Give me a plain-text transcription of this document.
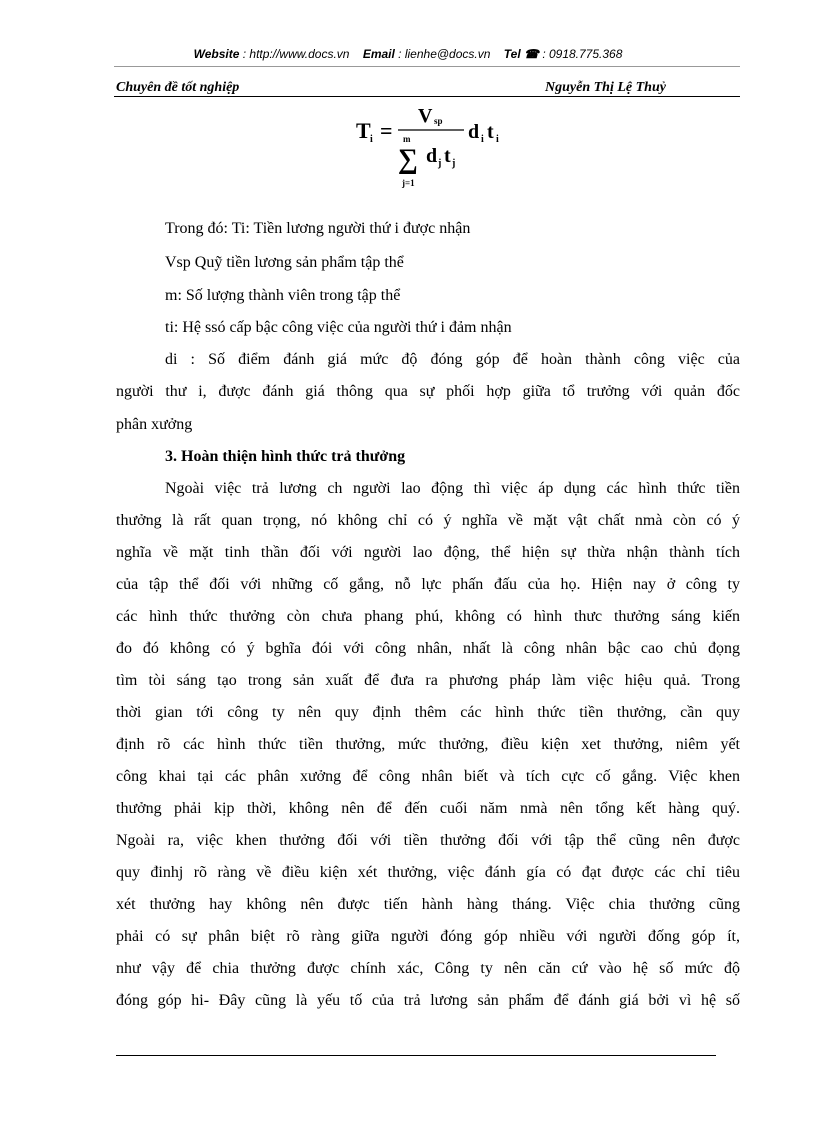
Website : http://www.docs.vn Email : lienhe@docs.vn Tel ☎ : 0918.775.368
Chuyên đề tốt nghiệp	Nguyễn Thị Lệ Thuỷ
T i =
V sp
m
∑
j=1
d j t j
d i t i
Trong đó: Ti: Tiền lương người thứ i được nhận
Vsp Quỹ tiền lương sản phẩm tập thể
m: Số lượng thành viên trong tập thể
ti: Hệ ssó cấp bậc công việc của người thứ i đảm nhận
di : Số điểm đánh giá mức độ đóng góp để hoàn thành công việc của
người thư i, được đánh giá thông qua sự phối hợp giữa tổ trưởng với quản đốc
phân xưởng
3. Hoàn thiện hình thức trả thưởng
Ngoài việc trả lương ch người lao động thì việc áp dụng các hình thức tiền
thưởng là rất quan trọng, nó không chỉ có ý nghĩa về mặt vật chất nmà còn có ý
nghĩa về mặt tinh thần đối với người lao động, thể hiện sự thừa nhận thành tích
của tập thể đối với những cố gắng, nỗ lực phấn đấu của họ. Hiện nay ở công ty
các hình thức thưởng còn chưa phang phú, không có hình thưc thưởng sáng kiến
đo đó không có ý bghĩa đói với công nhân, nhất là công nhân bậc cao chủ đọng
tìm tòi sáng tạo trong sản xuất để đưa ra phương pháp làm việc hiệu quả. Trong
thời gian tới công ty nên quy định thêm các hình thức tiền thưởng, cần quy
định rõ các hình thức tiền thưởng, mức thưởng, điều kiện xet thưởng, niêm yết
công khai tại các phân xưởng để công nhân biết và tích cực cố gắng. Việc khen
thưởng phải kịp thời, không nên để đến cuối năm nmà nên tổng kết hàng quý.
Ngoài ra, việc khen thưởng đối với tiền thưởng đối với tập thể cũng nên được
quy đinhj rõ ràng về điều kiện xét thưởng, việc đánh gía có đạt được các chỉ tiêu
xét thưởng hay không nên được tiến hành hàng tháng. Việc chia thưởng cũng
phải có sự phân biệt rõ ràng giữa người đóng góp nhiều với người đống góp ít,
như vậy để chia thưởng được chính xác, Công ty nên căn cứ vào hệ số mức độ
đóng góp hi- Đây cũng là yếu tố của trả lương sản phẩm để đánh giá bởi vì hệ số
